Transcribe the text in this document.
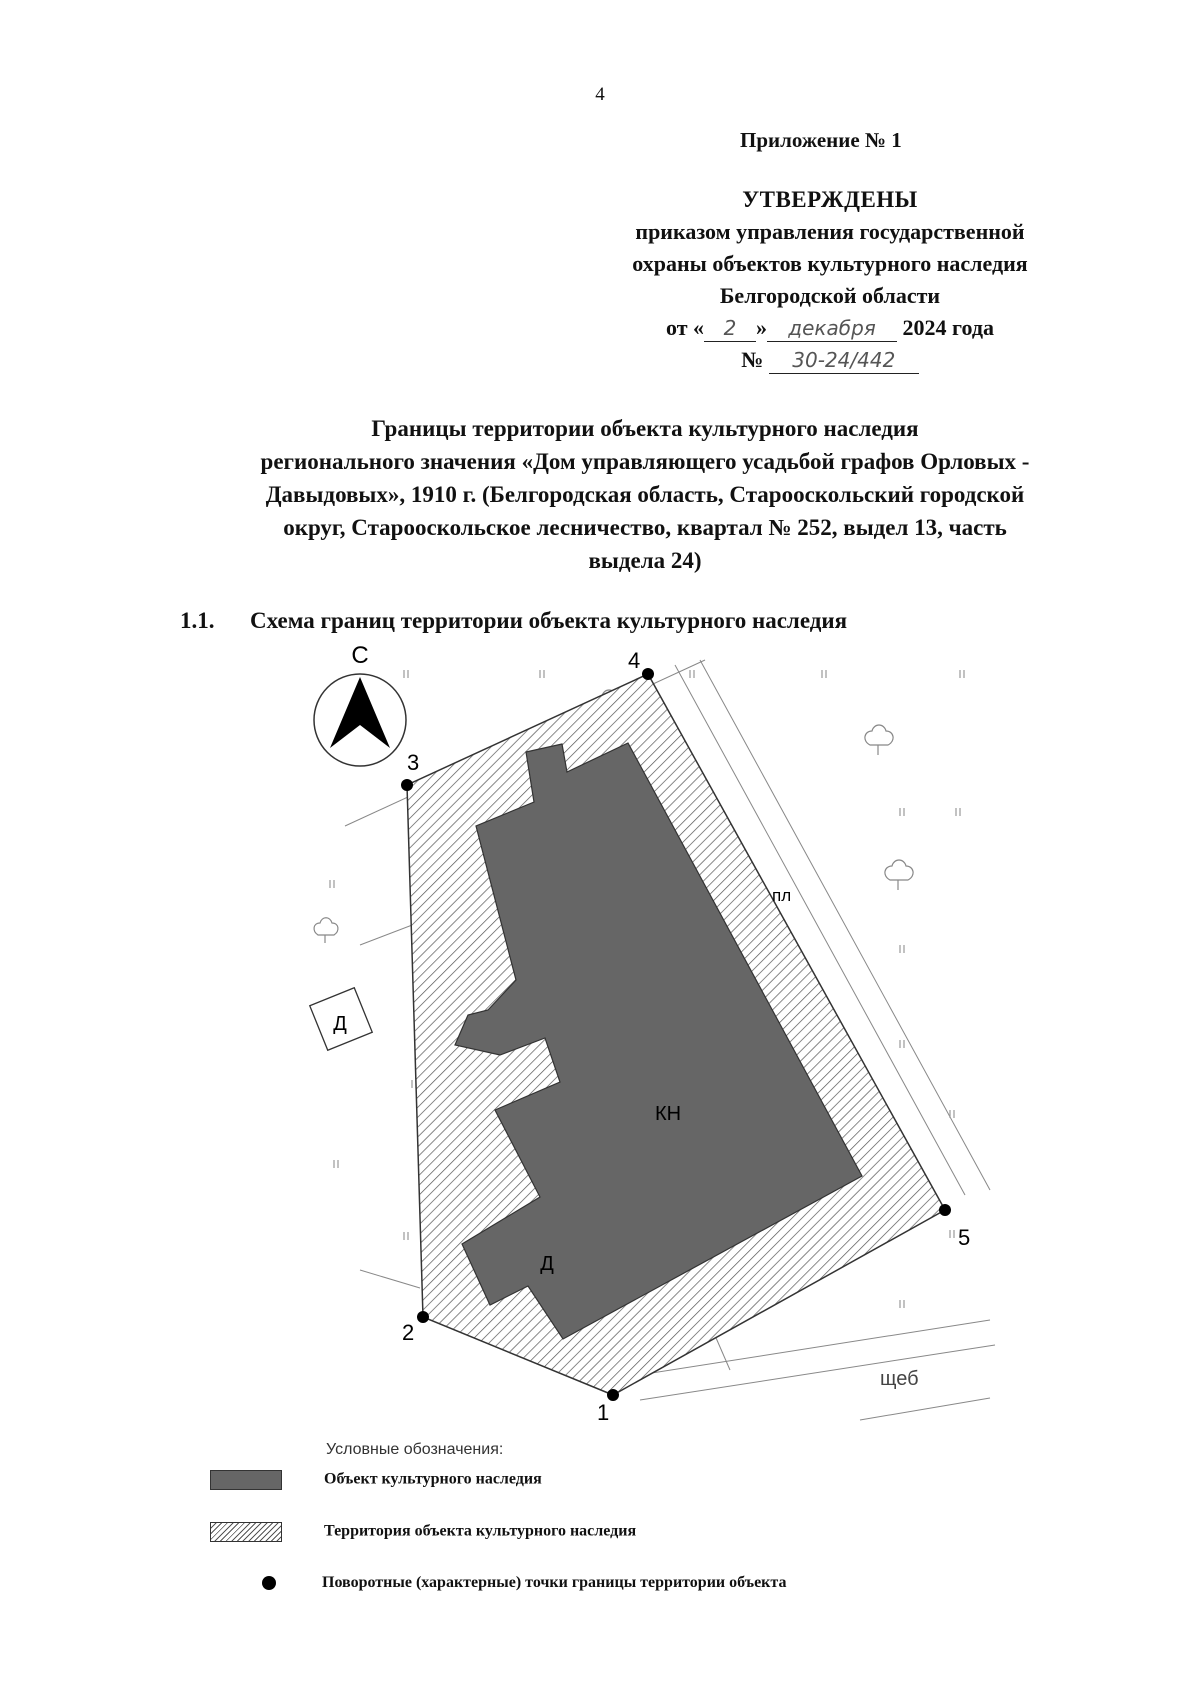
4
Приложение № 1
УТВЕРЖДЕНЫ
приказом управления государственной
охраны объектов культурного наследия
Белгородской области
от « 2 » декабря 2024 года
№ 30-24/442
Границы территории объекта культурного наследия
регионального значения «Дом управляющего усадьбой графов Орловых -
Давыдовых», 1910 г. (Белгородская область, Старооскольский городской
округ, Старооскольское лесничество, квартал № 252, выдел 13, часть
выдела 24)
1.1. Схема границ территории объекта культурного наследия
Д
пл
щеб
КН
Д
С
1
2
3
4
5
Условные обозначения:
Объект культурного наследия
Территория объекта культурного наследия
Поворотные (характерные) точки границы территории объекта
